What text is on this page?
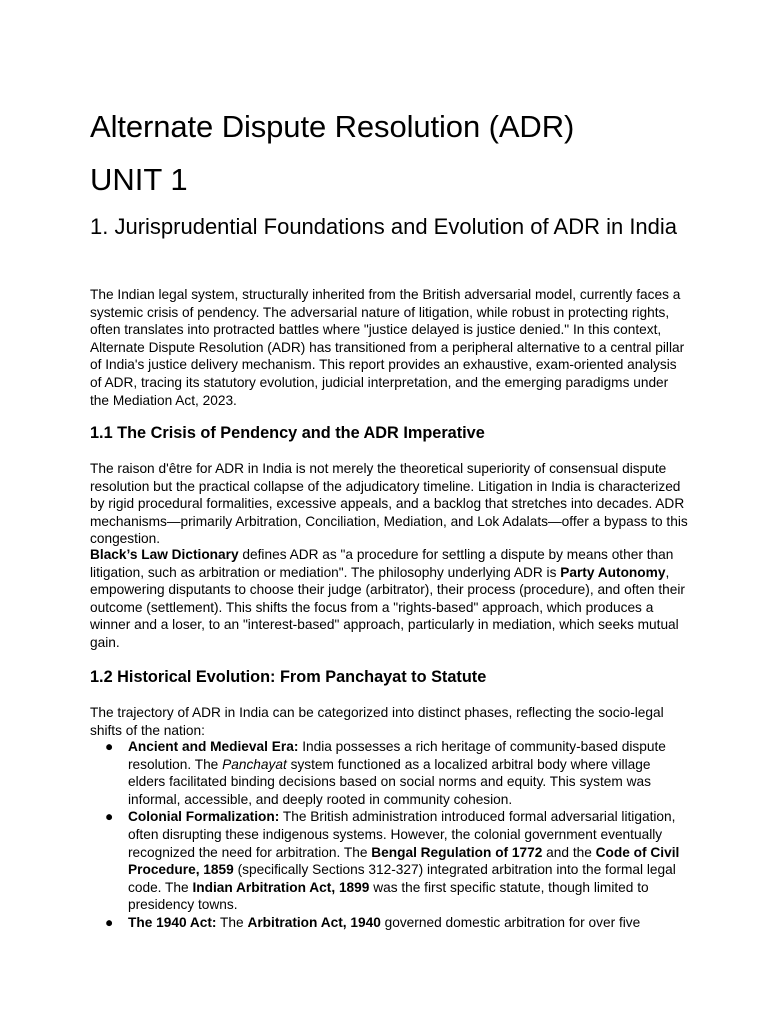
Alternate Dispute Resolution (ADR)
UNIT 1
1. Jurisprudential Foundations and Evolution of ADR in India

The Indian legal system, structurally inherited from the British adversarial model, currently faces a systemic crisis of pendency. The adversarial nature of litigation, while robust in protecting rights, often translates into protracted battles where "justice delayed is justice denied." In this context, Alternate Dispute Resolution (ADR) has transitioned from a peripheral alternative to a central pillar of India's justice delivery mechanism. This report provides an exhaustive, exam-oriented analysis of ADR, tracing its statutory evolution, judicial interpretation, and the emerging paradigms under the Mediation Act, 2023.

1.1 The Crisis of Pendency and the ADR Imperative

The raison d'être for ADR in India is not merely the theoretical superiority of consensual dispute resolution but the practical collapse of the adjudicatory timeline. Litigation in India is characterized by rigid procedural formalities, excessive appeals, and a backlog that stretches into decades. ADR mechanisms—primarily Arbitration, Conciliation, Mediation, and Lok Adalats—offer a bypass to this congestion.

Black’s Law Dictionary defines ADR as "a procedure for settling a dispute by means other than litigation, such as arbitration or mediation". The philosophy underlying ADR is Party Autonomy, empowering disputants to choose their judge (arbitrator), their process (procedure), and often their outcome (settlement). This shifts the focus from a "rights-based" approach, which produces a winner and a loser, to an "interest-based" approach, particularly in mediation, which seeks mutual gain.

1.2 Historical Evolution: From Panchayat to Statute

The trajectory of ADR in India can be categorized into distinct phases, reflecting the socio-legal shifts of the nation:

● Ancient and Medieval Era: India possesses a rich heritage of community-based dispute resolution. The Panchayat system functioned as a localized arbitral body where village elders facilitated binding decisions based on social norms and equity. This system was informal, accessible, and deeply rooted in community cohesion.
● Colonial Formalization: The British administration introduced formal adversarial litigation, often disrupting these indigenous systems. However, the colonial government eventually recognized the need for arbitration. The Bengal Regulation of 1772 and the Code of Civil Procedure, 1859 (specifically Sections 312-327) integrated arbitration into the formal legal code. The Indian Arbitration Act, 1899 was the first specific statute, though limited to presidency towns.
● The 1940 Act: The Arbitration Act, 1940 governed domestic arbitration for over five
